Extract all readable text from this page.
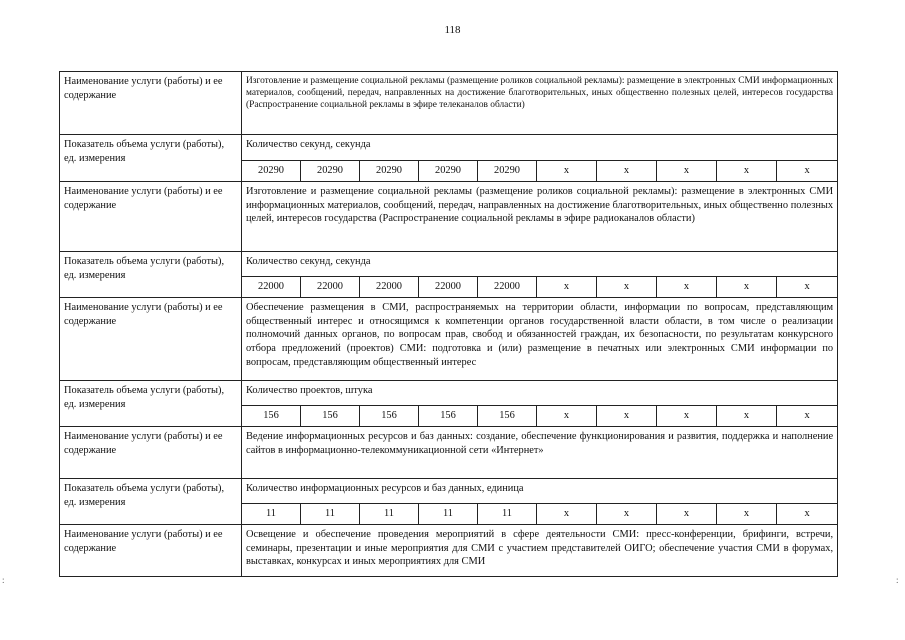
118
Наименование услуги (работы) и ее содержание	Изготовление и размещение социальной рекламы (размещение роликов социальной рекламы): размещение в электронных СМИ информационных материалов, сообщений, передач, направленных на достижение благотворительных, иных общественно полезных целей, интересов государства (Распространение социальной рекламы в эфире телеканалов области)									
Показатель объема услуги (работы), ед. измерения	Количество секунд, секунда									
	20290	20290	20290	20290	20290	х	х	х	х	х
Наименование услуги (работы) и ее содержание	Изготовление и размещение социальной рекламы (размещение роликов социальной рекламы): размещение в электронных СМИ информационных материалов, сообщений, передач, направленных на достижение благотворительных, иных общественно полезных целей, интересов государства (Распространение социальной рекламы в эфире радиоканалов области)									
Показатель объема услуги (работы), ед. измерения	Количество секунд, секунда									
	22000	22000	22000	22000	22000	х	х	х	х	х
Наименование услуги (работы) и ее содержание	Обеспечение размещения в СМИ, распространяемых на территории области, информации по вопросам, представляющим общественный интерес и относящимся к компетенции органов государственной власти области, в том числе о реализации полномочий данных органов, по вопросам прав, свобод и обязанностей граждан, их безопасности, по результатам конкурсного отбора предложений (проектов) СМИ: подготовка и (или) размещение в печатных или электронных СМИ информации по вопросам, представляющим общественный интерес									
Показатель объема услуги (работы), ед. измерения	Количество проектов, штука									
	156	156	156	156	156	х	х	х	х	х
Наименование услуги (работы) и ее содержание	Ведение информационных ресурсов и баз данных: создание, обеспечение функционирования и развития, поддержка и наполнение сайтов в информационно-телекоммуникационной сети «Интернет»									
Показатель объема услуги (работы), ед. измерения	Количество информационных ресурсов и баз данных, единица									
	11	11	11	11	11	х	х	х	х	х
Наименование услуги (работы) и ее содержание	Освещение и обеспечение проведения мероприятий в сфере деятельности СМИ: пресс-конференции, брифинги, встречи, семинары, презентации и иные мероприятия для СМИ с участием представителей ОИГО; обеспечение участия СМИ в форумах, выставках, конкурсах и иных мероприятиях для СМИ									
:	:
